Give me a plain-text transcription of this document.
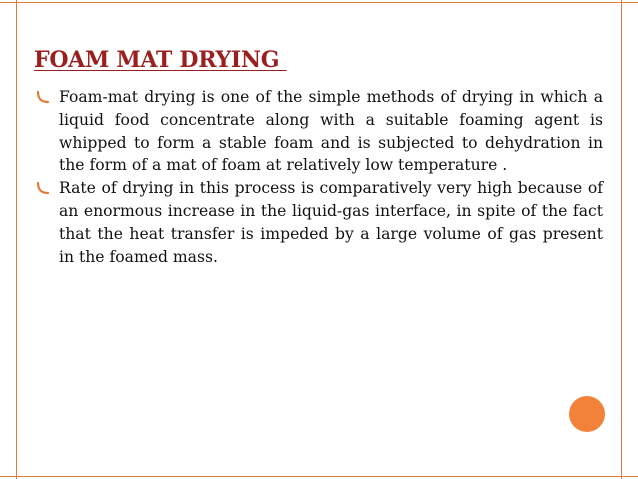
FOAM MAT DRYING
Foam-mat drying is one of the simple methods of drying in which a liquid food concentrate along with a suitable foaming agent is whipped to form a stable foam and is subjected to dehydration in the form of a mat of foam at relatively low temperature .
Rate of drying in this process is comparatively very high because of an enormous increase in the liquid-gas interface, in spite of the fact that the heat transfer is impeded by a large volume of gas present in the foamed mass.
